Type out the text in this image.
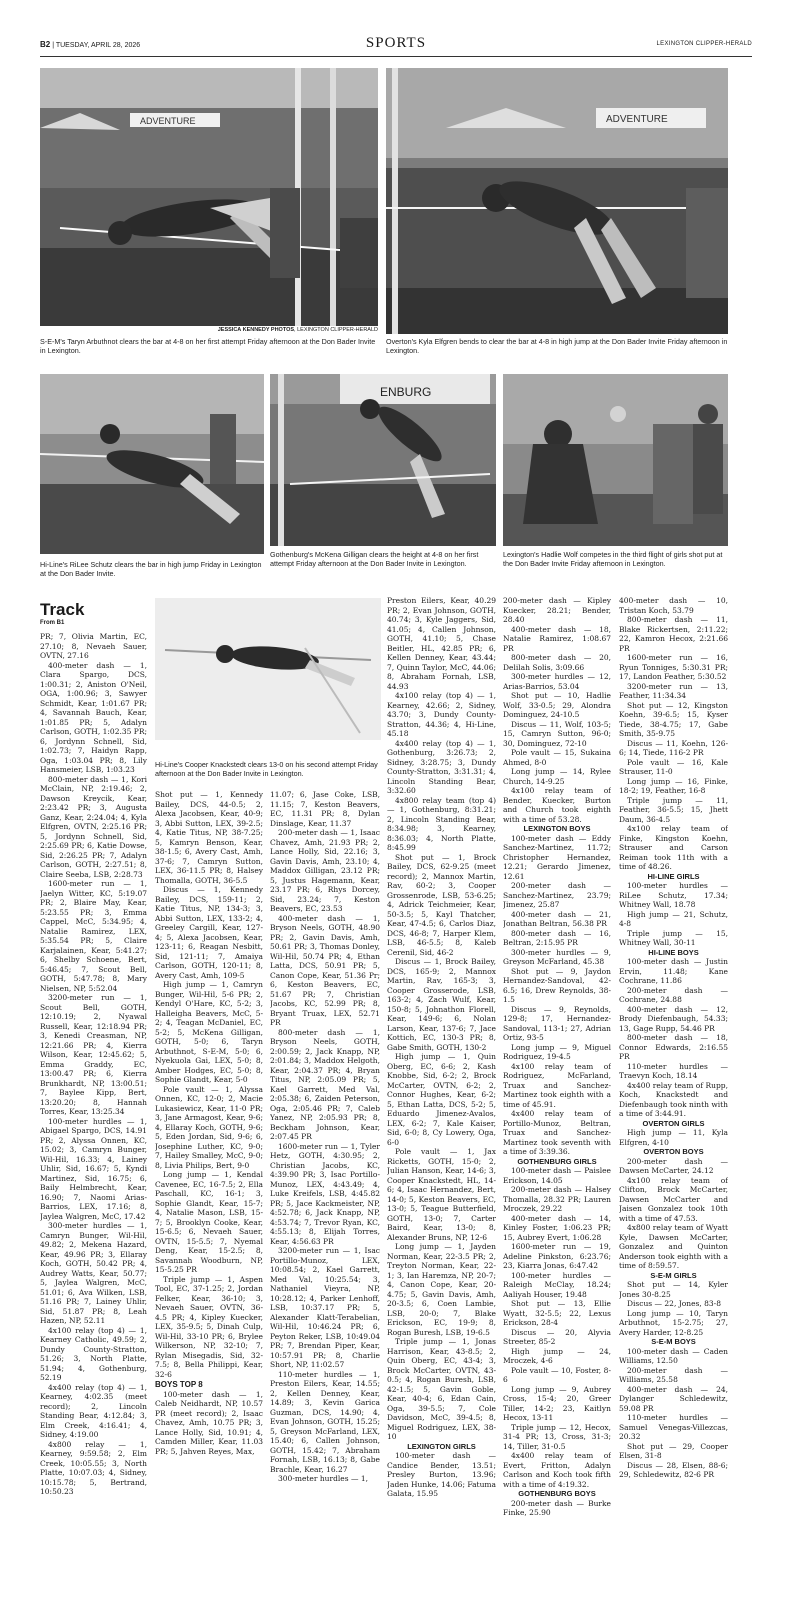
B2 | TUESDAY, APRIL 28, 2026	SPORTS	LEXINGTON CLIPPER-HERALD
ADVENTURE
JESSICA KENNEDY PHOTOS, LEXINGTON CLIPPER-HERALD
S-E-M's Taryn Arbuthnot clears the bar at 4-8 on her first attempt Friday afternoon at the Don Bader Invite in Lexington.
ADVENTURE
Overton's Kyla Elfgren bends to clear the bar at 4-8 in high jump at the Don Bader Invite Friday afternoon in Lexington.
Hi-Line's RiLee Schutz clears the bar in high jump Friday in Lexington at the Don Bader Invite.
ENBURG
Gothenburg's McKena Gilligan clears the height at 4-8 on her first attempt Friday afternoon at the Don Bader Invite in Lexington.
Lexington's Hadlie Wolf competes in the third flight of girls shot put at the Don Bader Invite Friday afternoon in Lexington.
Track
From B1
Hi-Line's Cooper Knackstedt clears 13-0 on his second attempt Friday afternoon at the Don Bader Invite in Lexington.

PR; 7, Olivia Martin, EC, 27.10; 8, Nevaeh Sauer, OVTN, 27.16

400-meter dash — 1, Clara Spargo, DCS, 1:00.31; 2, Aniston O'Neil, OGA, 1:00.96; 3, Sawyer Schmidt, Kear, 1:01.67 PR; 4, Savannah Bauch, Kear, 1:01.85 PR; 5, Adalyn Carlson, GOTH, 1:02.35 PR; 6, Jordynn Schnell, Sid, 1:02.73; 7, Haidyn Rapp, Oga, 1:03.04 PR; 8, Lily Hansmeier, LSB, 1:03.23

800-meter dash — 1, Kori McClain, NP, 2:19.46; 2, Dawson Kreycik, Kear, 2:23.42 PR; 3, Augusta Ganz, Kear, 2:24.04; 4, Kyla Elfgren, OVTN, 2:25.16 PR; 5, Jordynn Schnell, Sid, 2:25.69 PR; 6, Katie Dowse, Sid, 2:26.25 PR; 7, Adalyn Carlson, GOTH, 2:27.51; 8, Claire Seeba, LSB, 2:28.73

1600-meter run — 1, Jaelyn Witter, KC, 5:19.07 PR; 2, Blaire May, Kear, 5:23.55 PR; 3, Emma Cappel, McC, 5:34.95; 4, Natalie Ramirez, LEX, 5:35.54 PR; 5, Claire Karjalainen, Kear, 5:41.27; 6, Shelby Schoene, Bert, 5:46.45; 7, Scout Bell, GOTH, 5:47.78; 8, Mary Nielsen, NP, 5:52.04

3200-meter run — 1, Scout Bell, GOTH, 12:10.19; 2, Nyawal Russell, Kear, 12:18.94 PR; 3, Kenedi Creasman, NP, 12:21.66 PR; 4, Kierra Wilson, Kear, 12:45.62; 5, Emma Graddy, EC, 13:00.47 PR; 6, Kierra Brunkhardt, NP, 13:00.51; 7, Baylee Kipp, Bert, 13:20.20; 8, Hannah Torres, Kear, 13:25.34

100-meter hurdles — 1, Abigael Spargo, DCS, 14.91 PR; 2, Alyssa Onnen, KC, 15.02; 3, Camryn Bunger, Wil-Hil, 16.33; 4, Lainey Uhlir, Sid, 16.67; 5, Kyndi Martinez, Sid, 16.75; 6, Baily Helmbrecht, Kear, 16.90; 7, Naomi Arias-Barrios, LEX, 17.16; 8, Jaylea Walgren, McC, 17.42

300-meter hurdles — 1, Camryn Bunger, Wil-Hil, 49.82; 2, Mekena Hazard, Kear, 49.96 PR; 3, Ellaray Koch, GOTH, 50.42 PR; 4, Audrey Watts, Kear, 50.77; 5, Jaylea Walgren, McC, 51.01; 6, Ava Wilken, LSB, 51.16 PR; 7, Lainey Uhlir, Sid, 51.87 PR; 8, Leah Hazen, NP, 52.11

4x100 relay (top 4) — 1, Kearney Catholic, 49.59; 2, Dundy County-Stratton, 51.26; 3, North Platte, 51.94; 4, Gothenburg, 52.19

4x400 relay (top 4) — 1, Kearney, 4:02.35 (meet record); 2, Lincoln Standing Bear, 4:12.84; 3, Elm Creek, 4:16.41; 4, Sidney, 4:19.00

4x800 relay — 1, Kearney, 9:59.58; 2, Elm Creek, 10:05.55; 3, North Platte, 10:07.03; 4, Sidney, 10:15.78; 5, Bertrand, 10:50.23

Shot put — 1, Kennedy Bailey, DCS, 44-0.5; 2, Alexa Jacobsen, Kear, 40-9; 3, Abbi Sutton, LEX, 39-2.5; 4, Katie Titus, NP, 38-7.25; 5, Kamryn Benson, Kear, 38-1.5; 6, Avery Cast, Amh, 37-6; 7, Camryn Sutton, LEX, 36-11.5 PR; 8, Halsey Thomalla, GOTH, 36-5.5

Discus — 1, Kennedy Bailey, DCS, 159-11; 2, Katie Titus, NP, 134-3; 3, Abbi Sutton, LEX, 133-2; 4, Greeley Cargill, Kear, 127-4; 5, Alexa Jacobsen, Kear, 123-11; 6, Reagan Nesbitt, Sid, 121-11; 7, Amaiya Carlson, GOTH, 120-11; 8, Avery Cast, Amh, 109-5

High jump — 1, Camryn Bunger, Wil-Hil, 5-6 PR; 2, Kendyl O'Hare, KC, 5-2; 3, Halleigha Beavers, McC, 5-2; 4, Teagan McDaniel, EC, 5-2; 5, McKena Gilligan, GOTH, 5-0; 6, Taryn Arbuthnot, S-E-M, 5-0; 6, Nyekuola Gai, LEX, 5-0; 8, Amber Hodges, EC, 5-0; 8, Sophie Glandt, Kear, 5-0

Pole vault — 1, Alyssa Onnen, KC, 12-0; 2, Macie Lukasiewicz, Kear, 11-0 PR; 3, Jane Armagost, Kear, 9-6; 4, Ellaray Koch, GOTH, 9-6; 5, Eden Jordan, Sid, 9-6; 6, Josephine Luther, KC, 9-0; 7, Hailey Smalley, McC, 9-0; 8, Livia Philips, Bert, 9-0

Long jump — 1, Kendal Cavenee, EC, 16-7.5; 2, Ella Paschall, KC, 16-1; 3, Sophie Glandt, Kear, 15-7; 4, Natalie Mason, LSB, 15-7; 5, Brooklyn Cooke, Kear, 15-6.5; 6, Nevaeh Sauer, OVTN, 15-5.5; 7, Nyemal Deng, Kear, 15-2.5; 8, Savannah Woodburn, NP, 15-5.25 PR

Triple jump — 1, Aspen Tool, EC, 37-1.25; 2, Jordan Felker, Kear, 36-10; 3, Nevaeh Sauer, OVTN, 36-4.5 PR; 4, Kipley Kuecker, LEX, 35-9.5; 5, Dinah Culp, Wil-Hil, 33-10 PR; 6, Brylee Wilkerson, NP, 32-10; 7, Rylan Misegadis, Sid, 32-7.5; 8, Bella Philippi, Kear, 32-6

BOYS TOP 8

100-meter dash — 1, Caleb Neidhardt, NP, 10.57 PR (meet record); 2, Isaac Chavez, Amh, 10.75 PR; 3, Lance Holly, Sid, 10.91; 4, Camden Miller, Kear, 11.03 PR; 5, Jahven Reyes, Max,

11.07; 6, Jase Coke, LSB, 11.15; 7, Keston Beavers, EC, 11.31 PR; 8, Dylan Dinslage, Kear, 11.37

200-meter dash — 1, Isaac Chavez, Amh, 21.93 PR; 2, Lance Holly, Sid, 22.16; 3, Gavin Davis, Amh, 23.10; 4, Maddox Gilligan, 23.12 PR; 5, Justus Hagemann, Kear, 23.17 PR; 6, Rhys Dorcey, Sid, 23.24; 7, Keston Beavers, EC, 23.53

400-meter dash — 1, Bryson Neels, GOTH, 48.90 PR; 2, Gavin Davis, Amh, 50.61 PR; 3, Thomas Donley, Wil-Hil, 50.74 PR; 4, Ethan Latta, DCS, 50.91 PR; 5, Canon Cope, Kear, 51.36 Pr; 6, Keston Beavers, EC, 51.67 PR; 7, Christian Jacobs, KC, 52.99 PR; 8, Bryant Truax, LEX, 52.71 PR

800-meter dash — 1, Bryson Neels, GOTH, 2:00.59; 2, Jack Knapp, NP, 2:01.84; 3, Maddox Helgoth, Kear, 2:04.37 PR; 4, Bryan Titus, NP, 2:05.09 PR; 5, Kael Garrett, Med Val, 2:05.38; 6, Zaiden Peterson, Oga, 2:05.46 PR; 7, Caleb Yanez, NP, 2:05.93 PR; 8, Beckham Johnson, Kear, 2:07.45 PR

1600-meter run — 1, Tyler Hetz, GOTH, 4:30.95; 2, Christian Jacobs, KC, 4:39.90 PR; 3, Isac Portillo-Munoz, LEX, 4:43.49; 4, Luke Kreifels, LSB, 4:45.82 PR; 5, Jace Kackmeister, NP, 4:52.78; 6, Jack Knapp, NP, 4:53.74; 7, Trevor Ryan, KC, 4:55.13; 8, Elijah Torres, Kear, 4:56.63 PR

3200-meter run — 1, Isac Portillo-Munoz, LEX, 10:08.54; 2, Kael Garrett, Med Val, 10:25.54; 3, Nathaniel Vieyra, NP, 10:28.12; 4, Parker Lenhoff, LSB, 10:37.17 PR; 5, Alexander Klatt-Terabelian, Wil-Hil, 10:46.24 PR; 6, Peyton Reker, LSB, 10:49.04 PR; 7, Brendan Piper, Kear, 10:57.91 PR; 8, Charlie Short, NP, 11:02.57

110-meter hurdles — 1, Preston Eilers, Kear, 14.55; 2, Kellen Denney, Kear, 14.89; 3, Kevin Garica Guzman, DCS, 14.90; 4, Evan Johnson, GOTH, 15.25; 5, Greyson McFarland, LEX, 15.40; 6, Callen Johnson, GOTH, 15.42; 7, Abraham Fornah, LSB, 16.13; 8, Gabe Brachle, Kear, 16.27

300-meter hurdles — 1,

Preston Eilers, Kear, 40.29 PR; 2, Evan Johnson, GOTH, 40.74; 3, Kyle Jaggers, Sid, 41.05; 4, Callen Johnson, GOTH, 41.10; 5, Chase Beitler, HL, 42.85 PR; 6, Kellen Denney, Kear, 43.44; 7, Quinn Taylor, McC, 44.06; 8, Abraham Fornah, LSB, 44.93

4x100 relay (top 4) — 1, Kearney, 42.66; 2, Sidney, 43.70; 3, Dundy County-Stratton, 44.36; 4, Hi-Line, 45.18

4x400 relay (top 4) — 1, Gothenburg, 3:26.73; 2, Sidney, 3:28.75; 3, Dundy County-Stratton, 3:31.31; 4, Lincoln Standing Bear, 3:32.60

4x800 relay team (top 4) — 1, Gothenburg, 8:31.21; 2, Lincoln Standing Bear, 8:34.98; 3, Kearney, 8:36.03; 4, North Platte, 8:45.99

Shot put — 1, Brock Bailey, DCS, 62-9.25 (meet record); 2, Mannox Martin, Rav, 60-2; 3, Cooper Grossenrode, LSB, 53-6.25; 4, Adrick Teichmeier, Kear, 50-3.5; 5, Kayl Thatcher, Kear, 47-4.5; 6, Carlos Diaz, DCS, 46-8; 7, Harper Klem, LSB, 46-5.5; 8, Kaleb Cerenil, Sid, 46-2

Discus — 1, Brock Bailey, DCS, 165-9; 2, Mannox Martin, Rav, 165-3; 3, Cooper Grosserode, LSB, 163-2; 4, Zach Wulf, Kear, 150-8; 5, Johnathon Florell, Kear, 149-6; 6, Nolan Larson, Kear, 137-6; 7, Jace Kottich, EC, 130-3 PR; 8, Gabe Smith, GOTH, 130-2

High jump — 1, Quin Oberg, EC, 6-6; 2, Kash Knobbe, Sid, 6-2; 2, Brock McCarter, OVTN, 6-2; 2, Connor Hughes, Kear, 6-2; 5, Ethan Latta, DCS, 5-2; 5, Eduardo Jimenez-Avalos, LEX, 6-2; 7, Kale Kaiser, Sid, 6-0; 8, Cy Lowery, Oga, 6-0

Pole vault — 1, Jax Ricketts, GOTH, 15-0; 2, Julian Hanson, Kear, 14-6; 3, Cooper Knackstedt, HL, 14-6; 4, Isaac Hernandez, Bert, 14-0; 5, Keston Beavers, EC, 13-0; 5, Teague Butterfield, GOTH, 13-0; 7, Carter Baird, Kear, 13-0; 8, Alexander Bruns, NP, 12-6

Long jump — 1, Jayden Norman, Kear, 22-3.5 PR; 2, Treyton Norman, Kear, 22-1; 3, Ian Haremza, NP, 20-7; 4, Canon Cope, Kear, 20-4.75; 5, Gavin Davis, Amh, 20-3.5; 6, Coen Lambie, LSB, 20-0; 7, Blake Erickson, EC, 19-9; 8, Rogan Buresh, LSB, 19-6.5

Triple jump — 1, Jonas Harrison, Kear, 43-8.5; 2, Quin Oberg, EC, 43-4; 3, Brock McCarter, OVTN, 43-0.5; 4, Rogan Buresh, LSB, 42-1.5; 5, Gavin Goble, Kear, 40-4; 6, Edan Cain, Oga, 39-5.5; 7, Cole Davidson, McC, 39-4.5; 8, Miguel Rodriguez, LEX, 38-10

LEXINGTON GIRLS

100-meter dash — Candice Bender, 13.51; Presley Burton, 13.96; Jaden Hunke, 14.06; Fatuma Galata, 15.95

200-meter dash — Kipley Kuecker, 28.21; Bender, 28.40

400-meter dash — 18, Natalie Ramirez, 1:08.67 PR

800-meter dash — 20, Delilah Solis, 3:09.66

300-meter hurdles — 12, Arias-Barrios, 53.04

Shot put — 10, Hadlie Wolf, 33-0.5; 29, Alondra Dominguez, 24-10.5

Discus — 11, Wolf, 103-5; 15, Camryn Sutton, 96-0; 30, Dominguez, 72-10

Pole vault — 15, Sukaina Ahmed, 8-0

Long jump — 14, Rylee Church, 14-9.25

4x100 relay team of Bender, Kuecker, Burton and Church took eighth with a time of 53.28.

LEXINGTON BOYS

100-meter dash — Eddy Sanchez-Martinez, 11.72; Christopher Hernandez, 12.21; Gerardo Jimenez, 12.61

200-meter dash — Sanchez-Martinez, 23.79; Jimenez, 25.87

400-meter dash — 21, Jonathan Beltran, 56.38 PR

800-meter dash — 16, Beltran, 2:15.95 PR

300-meter hurdles — 9, Greyson McFarland, 45.38

Shot put — 9, Jaydon Hernandez-Sandoval, 42-6.5; 16, Drew Reynolds, 38-1.5

Discus — 9, Reynolds, 129-8; 17, Hernandez-Sandoval, 113-1; 27, Adrian Ortiz, 93-5

Long jump — 9, Miguel Rodriguez, 19-4.5

4x100 relay team of Rodriguez, McFarland, Truax and Sanchez-Martinez took eighth with a time of 45.91.

4x400 relay team of Portillo-Munoz, Beltran, Truax and Sanchez-Martinez took seventh with a time of 3:39.36.

GOTHENBURG GIRLS

100-meter dash — Paislee Erickson, 14.05

200-meter dash — Halsey Thomalla, 28.32 PR; Lauren Mroczek, 29.22

400-meter dash — 14, Kinley Foster, 1:06.23 PR; 15, Aubrey Evert, 1:06.28

1600-meter run — 19, Adeline Pinkston, 6:23.76; 23, Kiarra Jonas, 6:47.42

100-meter hurdles — Raleigh McClay, 18.24; Aaliyah Houser, 19.48

Shot put — 13, Ellie Wyatt, 32-5.5; 22, Lexus Erickson, 28-4

Discus — 20, Alyvia Streeter, 85-2

High jump — 24, Mroczek, 4-6

Pole vault — 10, Foster, 8-6

Long jump — 9, Aubrey Cross, 15-4; 20, Greer Tiller, 14-2; 23, Kaitlyn Hecox, 13-11

Triple jump — 12, Hecox, 31-4 PR; 13, Cross, 31-3; 14, Tiller, 31-0.5

4x400 relay team of Evert, Fritton, Adalyn Carlson and Koch took fifth with a time of 4:19.32.

GOTHENBURG BOYS

200-meter dash — Burke Finke, 25.90

400-meter dash — 10, Tristan Koch, 53.79

800-meter dash — 11, Blake Rickertsen, 2:11.22; 22, Kamron Hecox, 2:21.66 PR

1600-meter run — 16, Ryun Tonniges, 5:30.31 PR; 17, Landon Feather, 5:30.52

3200-meter run — 13, Feather, 11:34.34

Shot put — 12, Kingston Koehn, 39-6.5; 15, Kyser Tiede, 38-4.75; 17, Gabe Smith, 35-9.75

Discus — 11, Koehn, 126-6; 14, Tiede, 116-2 PR

Pole vault — 16, Kale Strauser, 11-0

Long jump — 16, Finke, 18-2; 19, Feather, 16-8

Triple jump — 11, Feather, 36-5.5; 15, Jhett Daum, 36-4.5

4x100 relay team of Finke, Kingston Koehn, Strauser and Carson Reiman took 11th with a time of 48.26.

HI-LINE GIRLS

100-meter hurdles — RiLee Schutz, 17.34; Whitney Wall, 18.78

High jump — 21, Schutz, 4-8

Triple jump — 15, Whitney Wall, 30-11

HI-LINE BOYS

100-meter dash — Justin Ervin, 11.48; Kane Cochrane, 11.86

200-meter dash — Cochrane, 24.88

400-meter dash — 12, Brody Diefenbaugh, 54.33; 13, Gage Rupp, 54.46 PR

800-meter dash — 18, Connor Edwards, 2:16.55 PR

110-meter hurdles — Traevyn Koch, 18.14

4x400 relay team of Rupp, Koch, Knackstedt and Diefenbaugh took ninth with a time of 3:44.91.

OVERTON GIRLS

High jump — 11, Kyla Elfgren, 4-10

OVERTON BOYS

200-meter dash — Dawsen McCarter, 24.12

4x100 relay team of Clifton, Brock McCarter, Dawsen McCarter and Jaisen Gonzalez took 10th with a time of 47.53.

4x800 relay team of Wyatt Kyle, Dawsen McCarter, Gonzalez and Quinton Anderson took eighth with a time of 8:59.57.

S-E-M GIRLS

Shot put — 14, Kyler Jones 30-8.25

Discus — 22, Jones, 83-8

Long jump — 10, Taryn Arbuthnot, 15-2.75; 27, Avery Harder, 12-8.25

S-E-M BOYS

100-meter dash — Caden Williams, 12.50

200-meter dash — Williams, 25.58

400-meter dash — 24, Dylanger Schledewitz, 59.08 PR

110-meter hurdles — Samuel Venegas-Villezcas, 20.32

Shot put — 29, Cooper Elsen, 31-8

Discus — 28, Elsen, 88-6; 29, Schledewitz, 82-6 PR
